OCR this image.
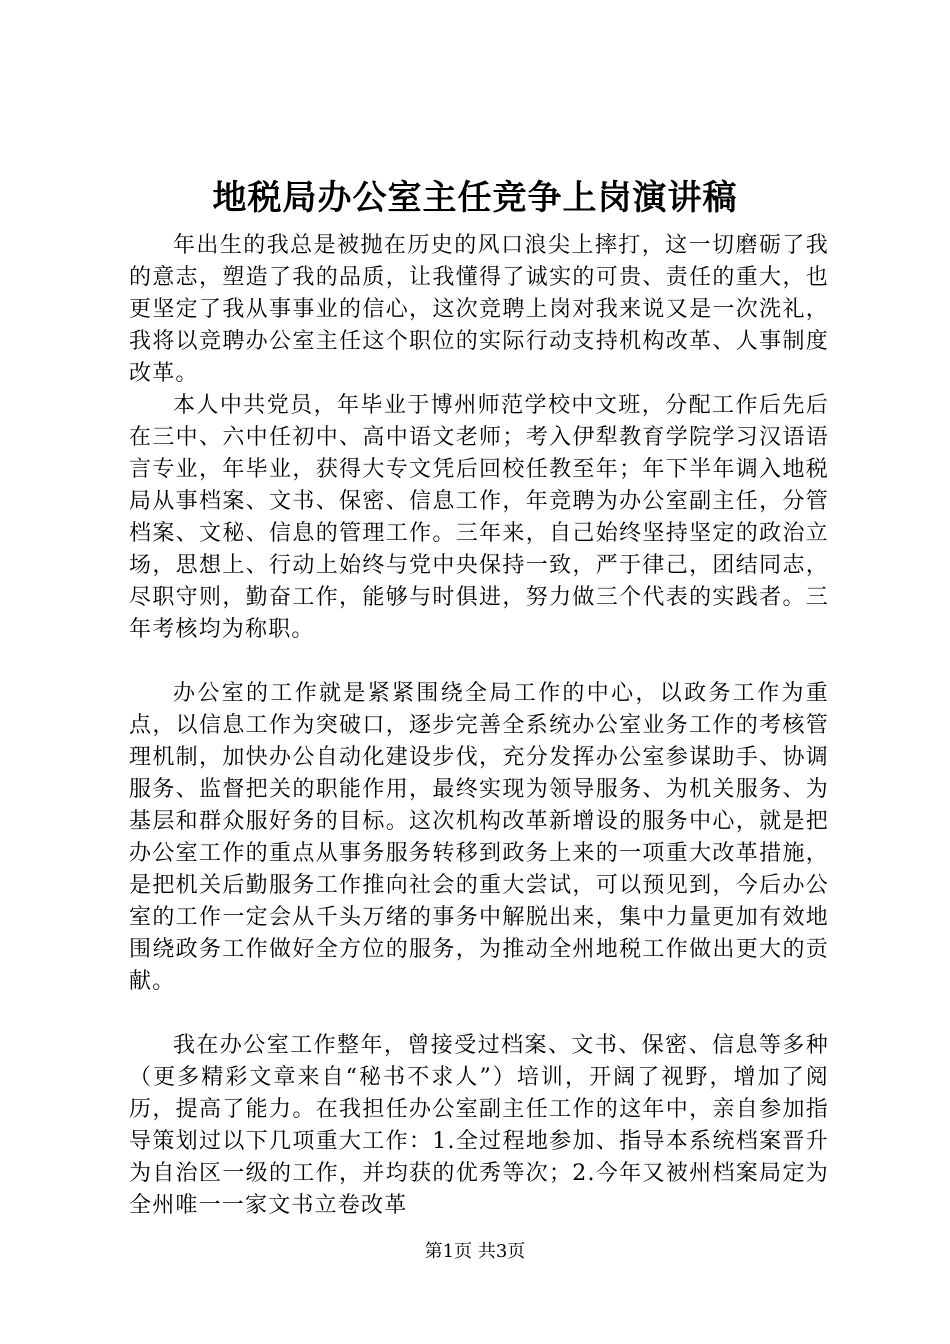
地税局办公室主任竞争上岗演讲稿

年出生的我总是被抛在历史的风口浪尖上摔打，这一切磨砺了我的意志，塑造了我的品质，让我懂得了诚实的可贵、责任的重大，也更坚定了我从事事业的信心，这次竞聘上岗对我来说又是一次洗礼，我将以竞聘办公室主任这个职位的实际行动支持机构改革、人事制度改革。

本人中共党员，年毕业于博州师范学校中文班，分配工作后先后在三中、六中任初中、高中语文老师；考入伊犁教育学院学习汉语语言专业，年毕业，获得大专文凭后回校任教至年；年下半年调入地税局从事档案、文书、保密、信息工作，年竞聘为办公室副主任，分管档案、文秘、信息的管理工作。三年来，自己始终坚持坚定的政治立场，思想上、行动上始终与党中央保持一致，严于律己，团结同志，尽职守则，勤奋工作，能够与时俱进，努力做三个代表的实践者。三年考核均为称职。

办公室的工作就是紧紧围绕全局工作的中心，以政务工作为重点，以信息工作为突破口，逐步完善全系统办公室业务工作的考核管理机制，加快办公自动化建设步伐，充分发挥办公室参谋助手、协调服务、监督把关的职能作用，最终实现为领导服务、为机关服务、为基层和群众服好务的目标。这次机构改革新增设的服务中心，就是把办公室工作的重点从事务服务转移到政务上来的一项重大改革措施，是把机关后勤服务工作推向社会的重大尝试，可以预见到，今后办公室的工作一定会从千头万绪的事务中解脱出来，集中力量更加有效地围绕政务工作做好全方位的服务，为推动全州地税工作做出更大的贡献。

我在办公室工作整年，曾接受过档案、文书、保密、信息等多种（更多精彩文章来自“秘书不求人”）培训，开阔了视野，增加了阅历，提高了能力。在我担任办公室副主任工作的这年中，亲自参加指导策划过以下几项重大工作：1.全过程地参加、指导本系统档案晋升为自治区一级的工作，并均获的优秀等次；2.今年又被州档案局定为全州唯一一家文书立卷改革

第1页 共3页
